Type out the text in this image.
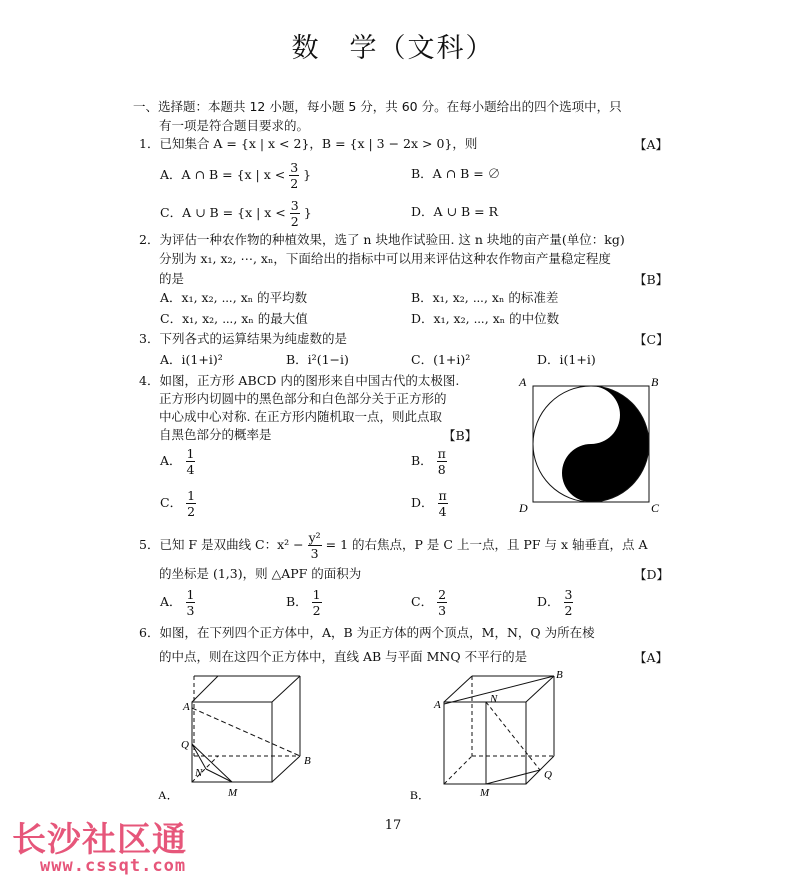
数　学（文科）
一、选择题：本题共 12 小题，每小题 5 分，共 60 分。在每小题给出的四个选项中，只
有一项是符合题目要求的。
1．已知集合 A = {x | x < 2}，B = {x | 3 − 2x > 0}，则	【A】
A．A ∩ B = {x | $x < \frac{3}{2}$ }	B．A ∩ B = ∅
C．A ∪ B = {x | $x < \frac{3}{2}$ }	D．A ∪ B = R
2．为评估一种农作物的种植效果，选了 n 块地作试验田. 这 n 块地的亩产量(单位：kg)
分别为 x₁, x₂, ⋯, xₙ，下面给出的指标中可以用来评估这种农作物亩产量稳定程度
的是	【B】
A．x₁, x₂, ⋯, xₙ 的平均数	B．x₁, x₂, ⋯, xₙ 的标准差
C．x₁, x₂, ⋯, xₙ 的最大值	D．x₁, x₂, ⋯, xₙ 的中位数
3．下列各式的运算结果为纯虚数的是	【C】
A．i(1+i)²	B．i²(1−i)	C．(1+i)²	D．i(1+i)
4．如图，正方形 ABCD 内的图形来自中国古代的太极图.
正方形内切圆中的黑色部分和白色部分关于正方形的
中心成中心对称. 在正方形内随机取一点，则此点取
自黑色部分的概率是	【B】
A． $\frac{1}{4}$	B． $\frac{\pi}{8}$
C． $\frac{1}{2}$	D． $\frac{\pi}{4}$
A	B
C
D
5．已知 F 是双曲线 C：$x^2 - \frac{\text{y²}}{3} = 1$ 的右焦点，P 是 C 上一点，且 PF 与 x 轴垂直，点 A
的坐标是 (1,3)，则 △APF 的面积为	【D】
A． $\frac{1}{3}$	B． $\frac{1}{2}$	C． $\frac{2}{3}$	D． $\frac{3}{2}$
6．如图，在下列四个正方体中，A，B 为正方体的两个顶点，M，N，Q 为所在棱
的中点，则在这四个正方体中，直线 AB 与平面 MNQ 不平行的是	【A】
A
B
Q
N
M
A．
A
B
N
Q
M
B．
17
长沙社区通
www.cssqt.com
